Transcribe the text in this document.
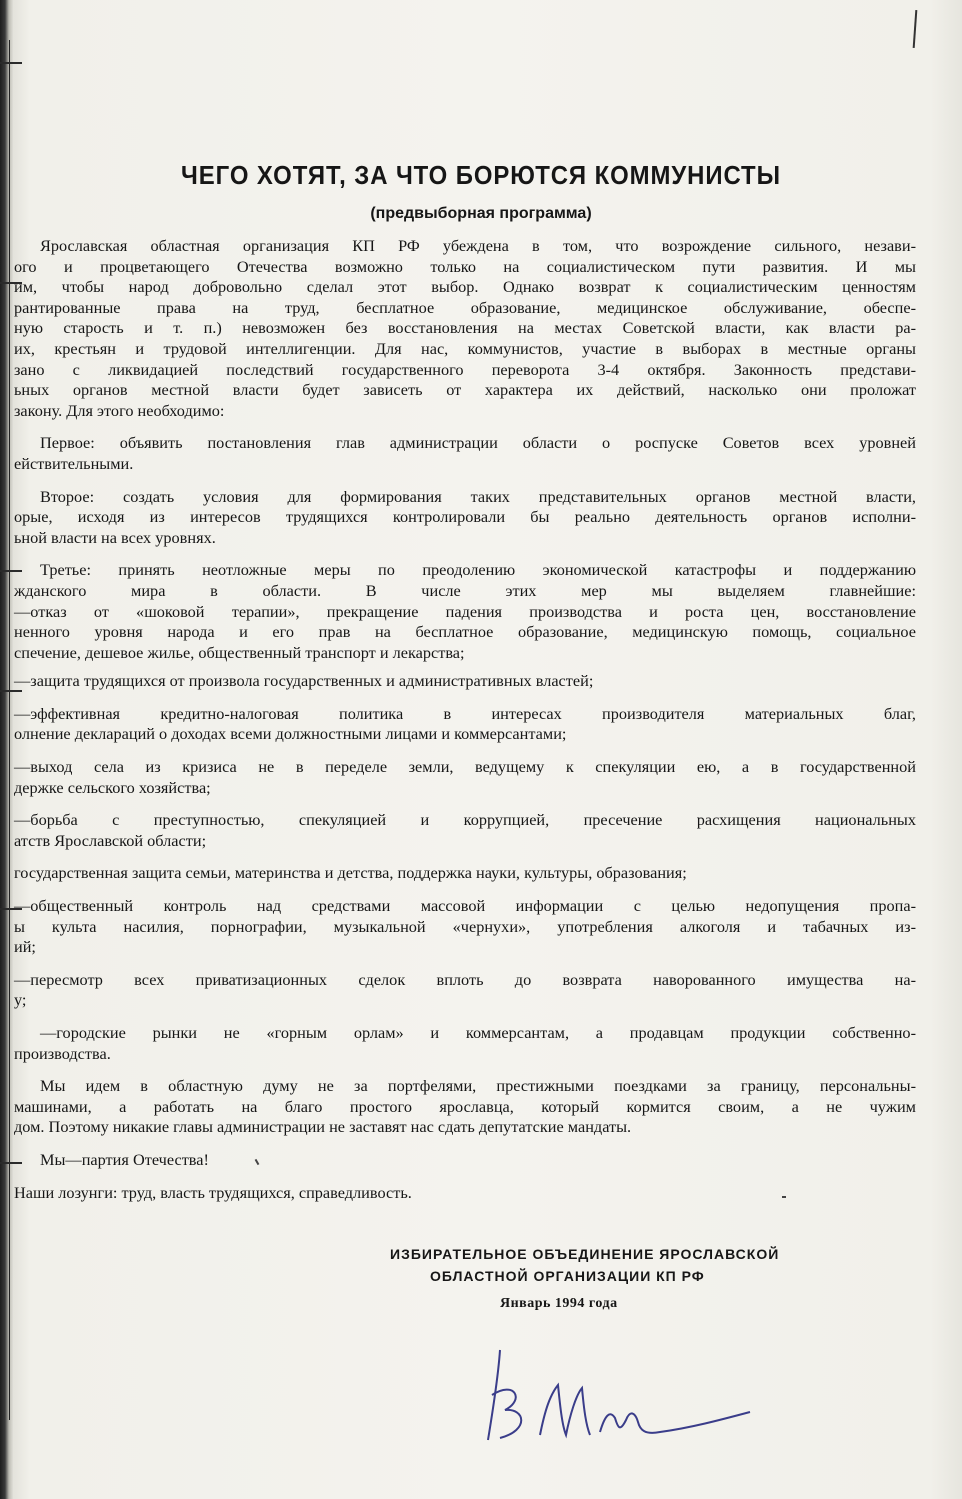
ЧЕГО ХОТЯТ, ЗА ЧТО БОРЮТСЯ КОММУНИСТЫ
(предвыборная программа)
Ярославская областная организация КП РФ убеждена в том, что возрождение сильного, незави-
ого и процветающего Отечества возможно только на социалистическом пути развития. И мы
им, чтобы народ добровольно сделал этот выбор. Однако возврат к социалистическим ценностям
рантированные права на труд, бесплатное образование, медицинское обслуживание, обеспе-
ную старость и т. п.) невозможен без восстановления на местах Советской власти, как власти ра-
их, крестьян и трудовой интеллигенции. Для нас, коммунистов, участие в выборах в местные органы
зано с ликвидацией последствий государственного переворота 3-4 октября. Законность представи-
ьных органов местной власти будет зависеть от характера их действий, насколько они проложат
закону. Для этого необходимо:
Первое: объявить постановления глав администрации области о роспуске Советов всех уровней
ействительными.
Второе: создать условия для формирования таких представительных органов местной власти,
орые, исходя из интересов трудящихся контролировали бы реально деятельность органов исполни-
ьной власти на всех уровнях.
Третье: принять неотложные меры по преодолению экономической катастрофы и поддержанию
жданского мира в области. В числе этих мер мы выделяем главнейшие:
—отказ от «шоковой терапии», прекращение падения производства и роста цен, восстановление
ненного уровня народа и его прав на бесплатное образование, медицинскую помощь, социальное
спечение, дешевое жилье, общественный транспорт и лекарства;
—защита трудящихся от произвола государственных и административных властей;
—эффективная кредитно-налоговая политика в интересах производителя материальных благ,
олнение деклараций о доходах всеми должностными лицами и коммерсантами;
—выход села из кризиса не в переделе земли, ведущему к спекуляции ею, а в государственной
держке сельского хозяйства;
—борьба с преступностью, спекуляцией и коррупцией, пресечение расхищения национальных
атств Ярославской области;
государственная защита семьи, материнства и детства, поддержка науки, культуры, образования;
—общественный контроль над средствами массовой информации с целью недопущения пропа-
ы культа насилия, порнографии, музыкальной «чернухи», употребления алкоголя и табачных из-
ий;
—пересмотр всех приватизационных сделок вплоть до возврата наворованного имущества на-
у;
—городские рынки не «горным орлам» и коммерсантам, а продавцам продукции собственно-
производства.
Мы идем в областную думу не за портфелями, престижными поездками за границу, персональны-
машинами, а работать на благо простого ярославца, который кормится своим, а не чужим
дом. Поэтому никакие главы администрации не заставят нас сдать депутатские мандаты.
Мы—партия Отечества!
Наши лозунги: труд, власть трудящихся, справедливость.
ИЗБИРАТЕЛЬНОЕ ОБЪЕДИНЕНИЕ ЯРОСЛАВСКОЙ
ОБЛАСТНОЙ ОРГАНИЗАЦИИ КП РФ
Январь 1994 года
